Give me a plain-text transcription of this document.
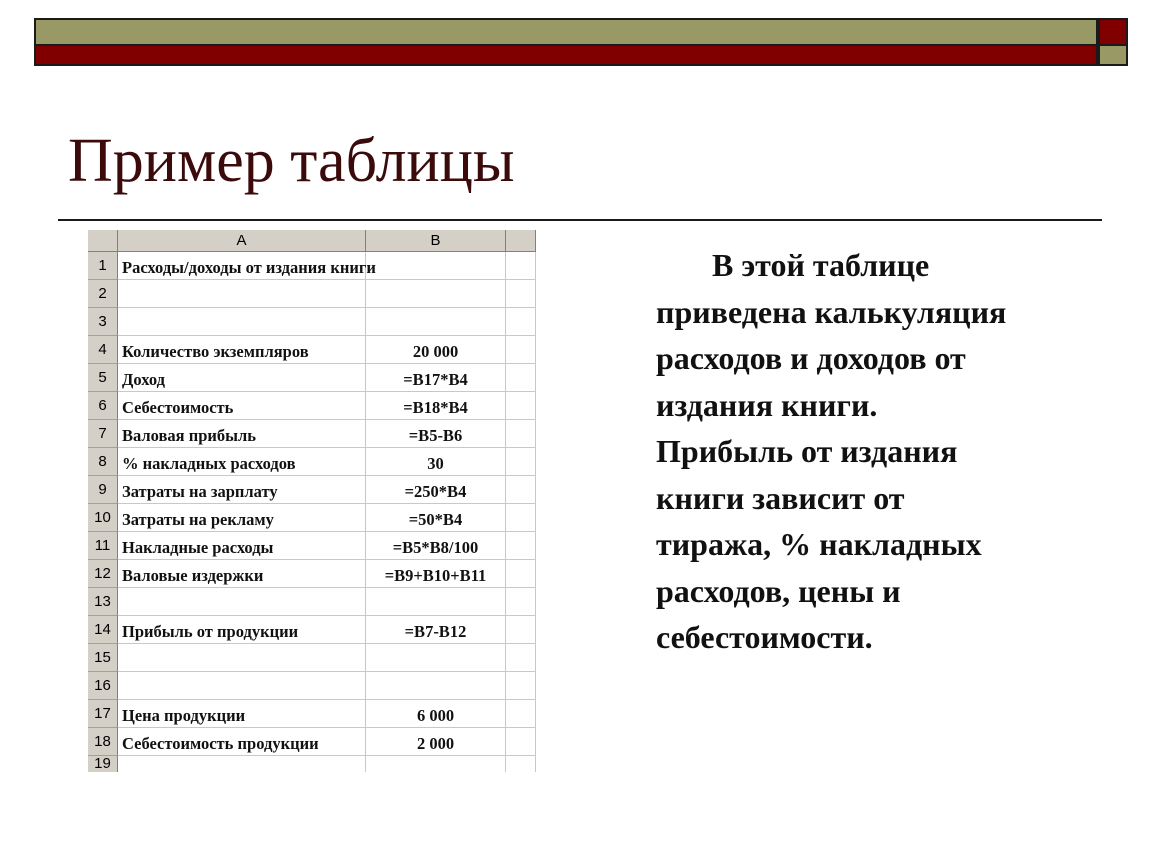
Пример таблицы
A	B
1 Расходы/доходы от издания книги
2
3
4 Количество экземпляров	20 000
5 Доход	=B17*B4
6 Себестоимость	=B18*B4
7 Валовая прибыль	=B5-B6
8 % накладных расходов	30
9 Затраты на зарплату	=250*B4
10 Затраты на рекламу	=50*B4
11 Накладные расходы	=B5*B8/100
12 Валовые издержки	=B9+B10+B11
13
14 Прибыль от продукции	=B7-B12
15
16
17 Цена продукции	6 000
18 Себестоимость продукции	2 000
19
В этой таблице
приведена калькуляция
расходов и доходов от
издания книги.
Прибыль от издания
книги зависит от
тиража, % накладных
расходов, цены и
себестоимости.
